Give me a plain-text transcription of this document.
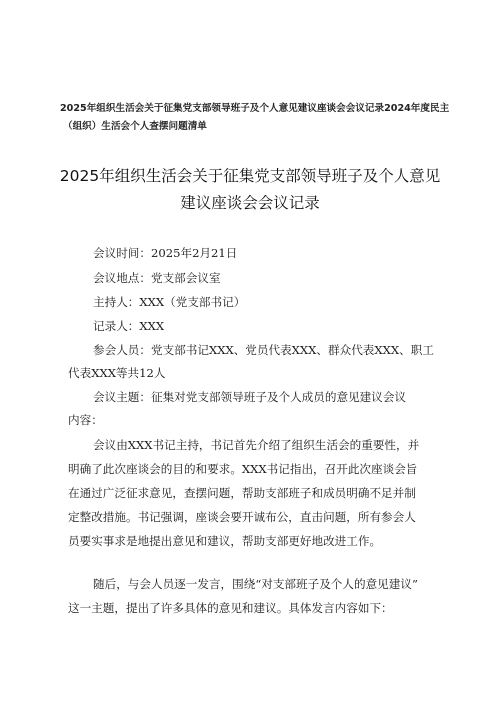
2025年组织生活会关于征集党支部领导班子及个人意见建议座谈会会议记录2024年度民主
（组织）生活会个人查摆问题清单
2025年组织生活会关于征集党支部领导班子及个人意见
建议座谈会会议记录
会议时间：2025年2月21日
会议地点：党支部会议室
主持人：XXX（党支部书记）
记录人：XXX
参会人员：党支部书记XXX、党员代表XXX、群众代表XXX、职工
代表XXX等共12人
会议主题：征集对党支部领导班子及个人成员的意见建议会议
内容：
会议由XXX书记主持，书记首先介绍了组织生活会的重要性，并
明确了此次座谈会的目的和要求。XXX书记指出，召开此次座谈会旨
在通过广泛征求意见，查摆问题，帮助支部班子和成员明确不足并制
定整改措施。书记强调，座谈会要开诚布公，直击问题，所有参会人
员要实事求是地提出意见和建议，帮助支部更好地改进工作。
随后，与会人员逐一发言，围绕“对支部班子及个人的意见建议”
这一主题，提出了许多具体的意见和建议。具体发言内容如下：
